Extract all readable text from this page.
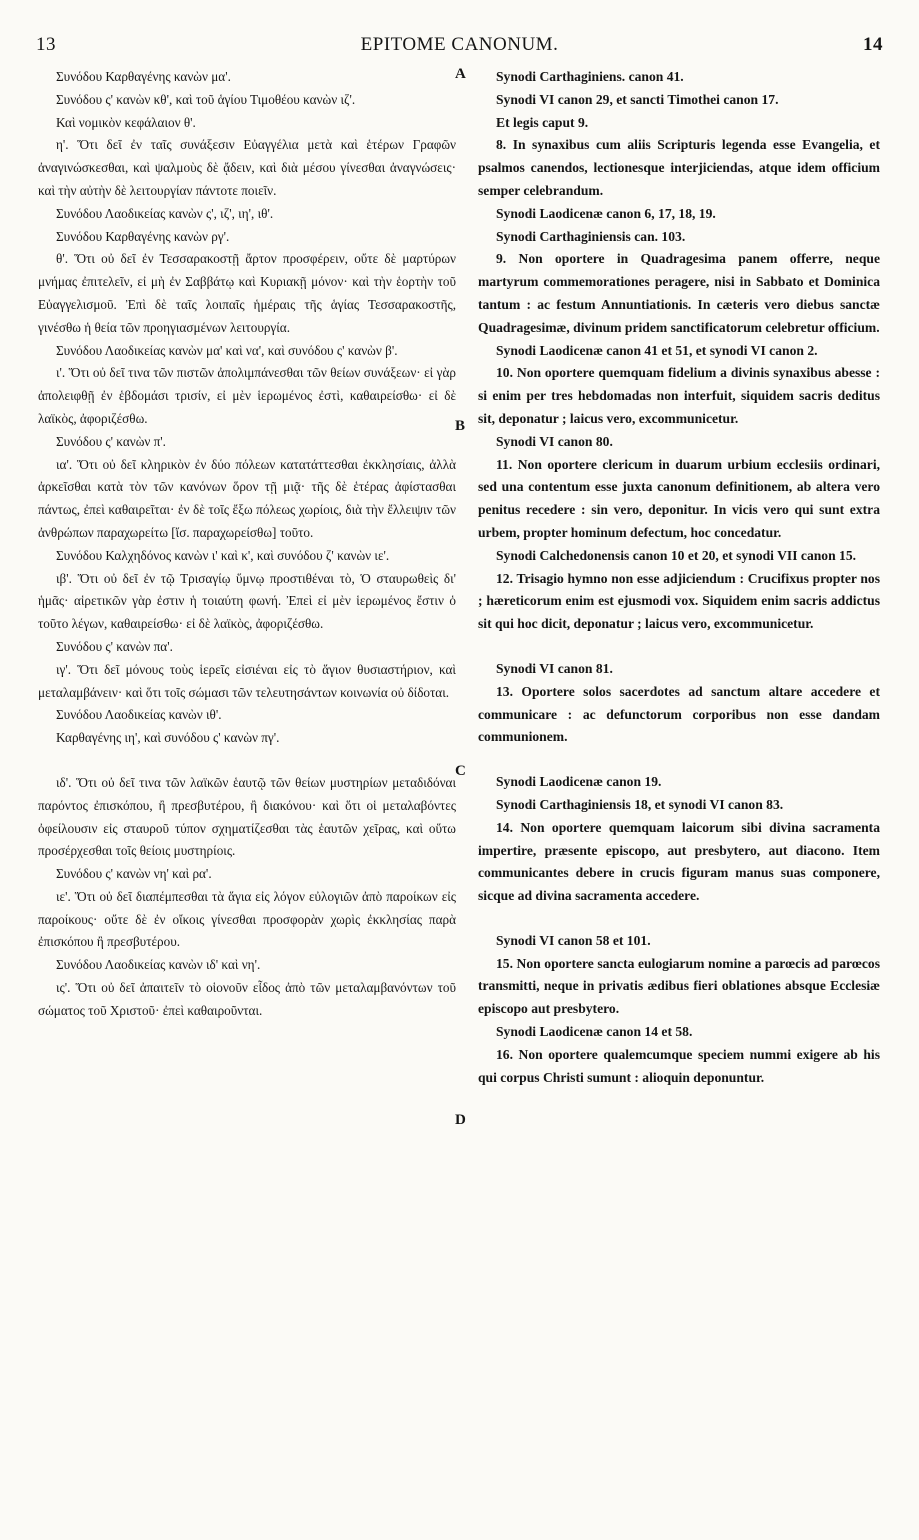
13	EPITOME CANONUM.	14
A
B
C
D

Συνόδου Καρθαγένης κανὼν μα'.

Συνόδου ς' κανὼν κθ', καὶ τοῦ ἁγίου Τιμοθέου κανὼν ιζ'.

Καὶ νομικὸν κεφάλαιον θ'.

η'. Ὅτι δεῖ ἐν ταῖς συνάξεσιν Εὐαγγέλια μετὰ καὶ ἑτέρων Γραφῶν ἀναγινώσκεσθαι, καὶ ψαλμοὺς δὲ ᾄδειν, καὶ διὰ μέσου γίνεσθαι ἀναγνώσεις· καὶ τὴν αὐτὴν δὲ λειτουργίαν πάντοτε ποιεῖν.

Συνόδου Λαοδικείας κανὼν ς', ιζ', ιη', ιθ'.

Συνόδου Καρθαγένης κανὼν ργ'.

θ'. Ὅτι οὐ δεῖ ἐν Τεσσαρακοστῇ ἄρτον προσφέρειν, οὔτε δὲ μαρτύρων μνήμας ἐπιτελεῖν, εἰ μὴ ἐν Σαββάτῳ καὶ Κυριακῇ μόνον· καὶ τὴν ἑορτὴν τοῦ Εὐαγγελισμοῦ. Ἐπὶ δὲ ταῖς λοιπαῖς ἡμέραις τῆς ἁγίας Τεσσαρακοστῆς, γινέσθω ἡ θεία τῶν προηγιασμένων λειτουργία.

Συνόδου Λαοδικείας κανὼν μα' καὶ να', καὶ συνόδου ς' κανὼν β'.

ι'. Ὅτι οὐ δεῖ τινα τῶν πιστῶν ἀπολιμπάνεσθαι τῶν θείων συνάξεων· εἰ γὰρ ἀπολειφθῇ ἐν ἑβδομάσι τρισίν, εἰ μὲν ἱερωμένος ἐστὶ, καθαιρείσθω· εἰ δὲ λαϊκὸς, ἀφοριζέσθω.

Συνόδου ς' κανὼν π'.

ια'. Ὅτι οὐ δεῖ κληρικὸν ἐν δύο πόλεων κατατάττεσθαι ἐκκλησίαις, ἀλλὰ ἀρκεῖσθαι κατὰ τὸν τῶν κανόνων ὅρον τῇ μιᾷ· τῆς δὲ ἑτέρας ἀφίστασθαι πάντως, ἐπεὶ καθαιρεῖται· ἐν δὲ τοῖς ἔξω πόλεως χωρίοις, διὰ τὴν ἔλλειψιν τῶν ἀνθρώπων παραχωρείτω [ἴσ. παραχωρείσθω] τοῦτο.

Συνόδου Καλχηδόνος κανὼν ι' καὶ κ', καὶ συνόδου ζ' κανὼν ιε'.

ιβ'. Ὅτι οὐ δεῖ ἐν τῷ Τρισαγίῳ ὕμνῳ προστιθέναι τὸ, Ὁ σταυρωθεὶς δι' ἡμᾶς· αἱρετικῶν γὰρ ἐστιν ἡ τοιαύτη φωνή. Ἐπεὶ εἰ μὲν ἱερωμένος ἔστιν ὁ τοῦτο λέγων, καθαιρείσθω· εἰ δὲ λαϊκὸς, ἀφοριζέσθω.

Συνόδου ς' κανὼν πα'.

ιγ'. Ὅτι δεῖ μόνους τοὺς ἱερεῖς εἰσιέναι εἰς τὸ ἅγιον θυσιαστήριον, καὶ μεταλαμβάνειν· καὶ ὅτι τοῖς σώμασι τῶν τελευτησάντων κοινωνία οὐ δίδοται.

Συνόδου Λαοδικείας κανὼν ιθ'.

Καρθαγένης ιη', καὶ συνόδου ς' κανὼν πγ'.

ιδ'. Ὅτι οὐ δεῖ τινα τῶν λαϊκῶν ἑαυτῷ τῶν θείων μυστηρίων μεταδιδόναι παρόντος ἐπισκόπου, ἢ πρεσβυτέρου, ἢ διακόνου· καὶ ὅτι οἱ μεταλαβόντες ὀφείλουσιν εἰς σταυροῦ τύπον σχηματίζεσθαι τὰς ἑαυτῶν χεῖρας, καὶ οὕτω προσέρχεσθαι τοῖς θείοις μυστηρίοις.

Συνόδου ς' κανὼν νη' καὶ ρα'.

ιε'. Ὅτι οὐ δεῖ διαπέμπεσθαι τὰ ἅγια εἰς λόγον εὐλογιῶν ἀπὸ παροίκων εἰς παροίκους· οὔτε δὲ ἐν οἴκοις γίνεσθαι προσφορὰν χωρὶς ἐκκλησίας παρὰ ἐπισκόπου ἢ πρεσβυτέρου.

Συνόδου Λαοδικείας κανὼν ιδ' καὶ νη'.

ις'. Ὅτι οὐ δεῖ ἀπαιτεῖν τὸ οἱονοῦν εἶδος ἀπὸ τῶν μεταλαμβανόντων τοῦ σώματος τοῦ Χριστοῦ· ἐπεὶ καθαιροῦνται.

Synodi Carthaginiens. canon 41.

Synodi VI canon 29, et sancti Timothei canon 17.

Et legis caput 9.

8. In synaxibus cum aliis Scripturis legenda esse Evangelia, et psalmos canendos, lectionesque interjiciendas, atque idem officium semper celebrandum.

Synodi Laodicenæ canon 6, 17, 18, 19.

Synodi Carthaginiensis can. 103.

9. Non oportere in Quadragesima panem offerre, neque martyrum commemorationes peragere, nisi in Sabbato et Dominica tantum : ac festum Annuntiationis. In cæteris vero diebus sanctæ Quadragesimæ, divinum pridem sanctificatorum celebretur officium.

Synodi Laodicenæ canon 41 et 51, et synodi VI canon 2.

10. Non oportere quemquam fidelium a divinis synaxibus abesse : si enim per tres hebdomadas non interfuit, siquidem sacris deditus sit, deponatur ; laicus vero, excommunicetur.

Synodi VI canon 80.

11. Non oportere clericum in duarum urbium ecclesiis ordinari, sed una contentum esse juxta canonum definitionem, ab altera vero penitus recedere : sin vero, deponitur. In vicis vero qui sunt extra urbem, propter hominum defectum, hoc concedatur.

Synodi Calchedonensis canon 10 et 20, et synodi VII canon 15.

12. Trisagio hymno non esse adjiciendum : Crucifixus propter nos ; hæreticorum enim est ejusmodi vox. Siquidem enim sacris addictus sit qui hoc dicit, deponatur ; laicus vero, excommunicetur.

Synodi VI canon 81.

13. Oportere solos sacerdotes ad sanctum altare accedere et communicare : ac defunctorum corporibus non esse dandam communionem.

Synodi Laodicenæ canon 19.

Synodi Carthaginiensis 18, et synodi VI canon 83.

14. Non oportere quemquam laicorum sibi divina sacramenta impertire, præsente episcopo, aut presbytero, aut diacono. Item communicantes debere in crucis figuram manus suas componere, sicque ad divina sacramenta accedere.

Synodi VI canon 58 et 101.

15. Non oportere sancta eulogiarum nomine a parœcis ad parœcos transmitti, neque in privatis ædibus fieri oblationes absque Ecclesiæ episcopo aut presbytero.

Synodi Laodicenæ canon 14 et 58.

16. Non oportere qualemcumque speciem nummi exigere ab his qui corpus Christi sumunt : alioquin deponuntur.
